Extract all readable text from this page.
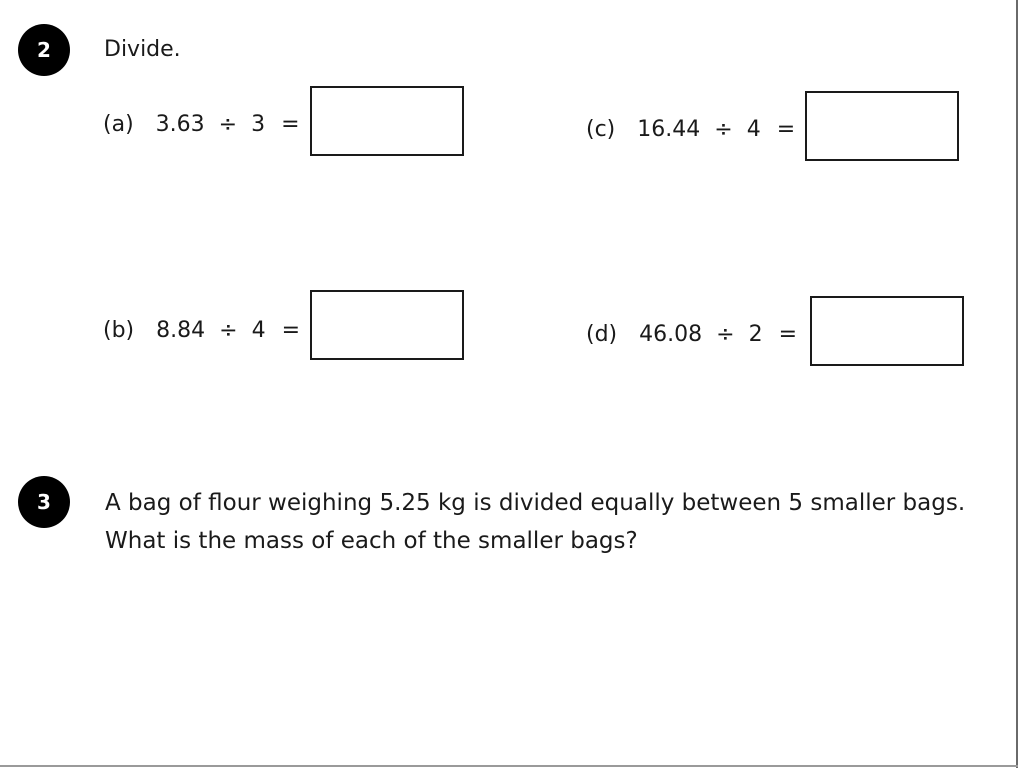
2 Divide.
(a) 3.63 ÷ 3 =	(c) 16.44 ÷ 4 =
(b) 8.84 ÷ 4 =	(d) 46.08 ÷ 2 =
3 A bag of flour weighing 5.25 kg is divided equally between 5 smaller bags.
What is the mass of each of the smaller bags?
